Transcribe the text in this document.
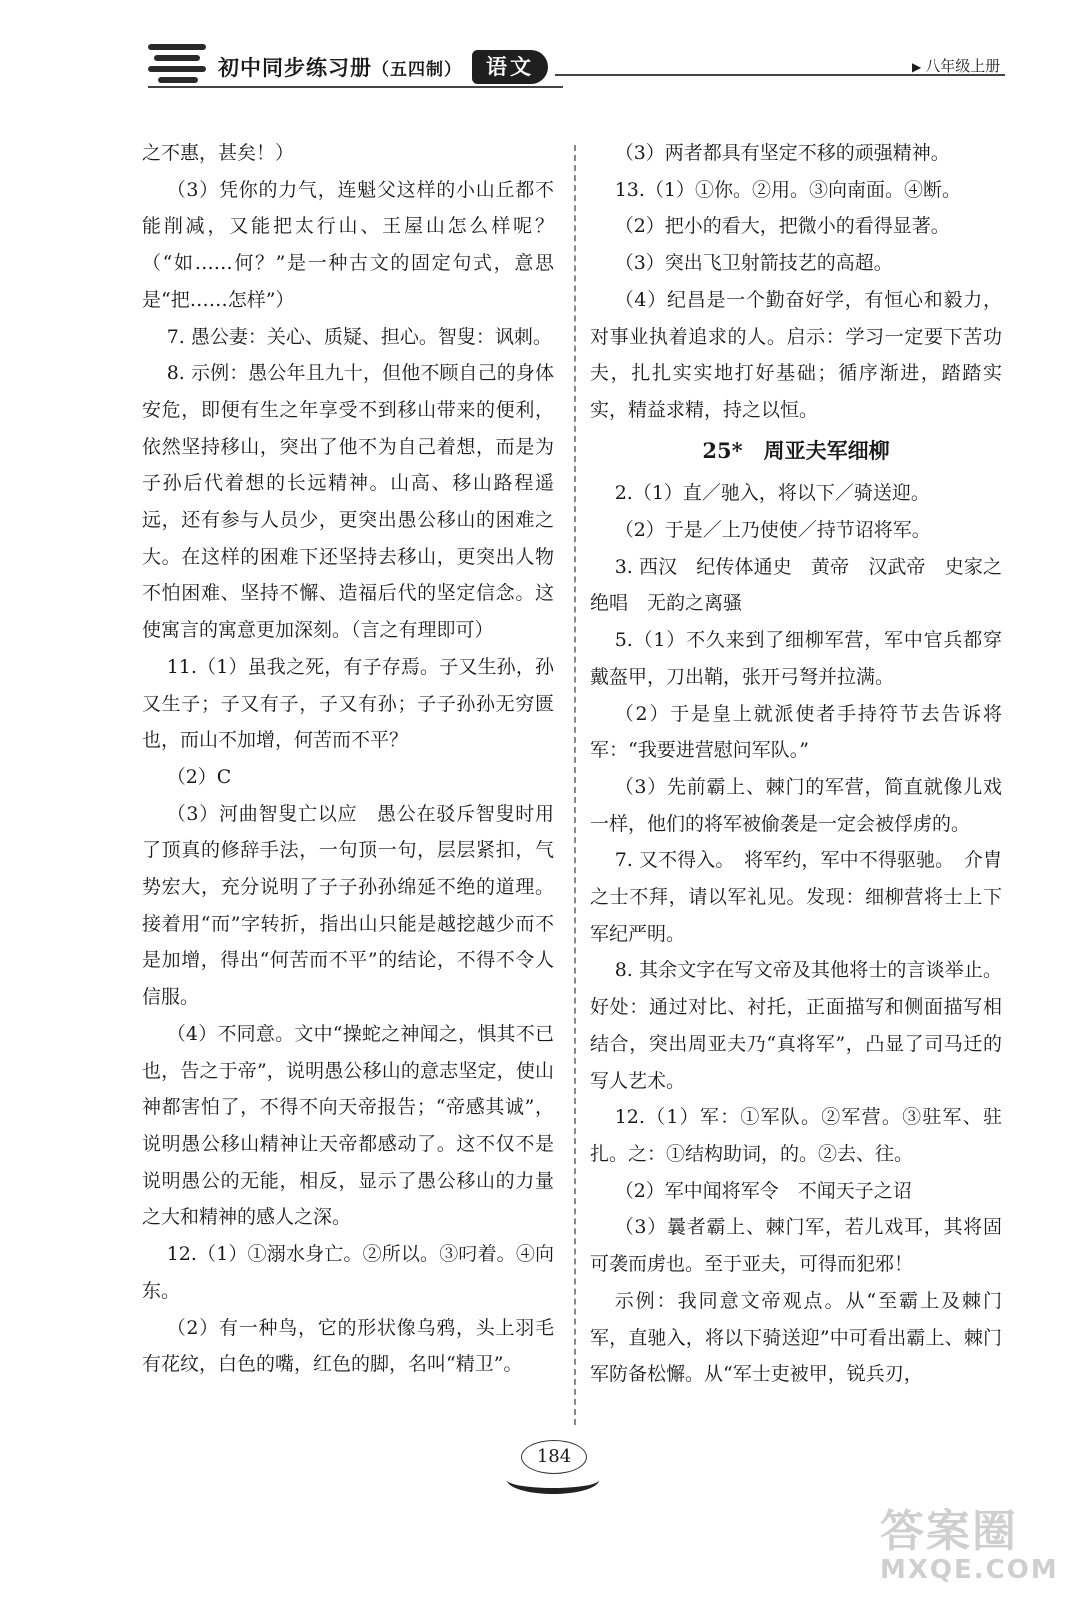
初中同步练习册（五四制）	语文	▶ 八年级上册

之不惠，甚矣！）

（3）凭你的力气，连魁父这样的小山丘都不能削减，又能把太行山、王屋山怎么样呢？（“如……何？”是一种古文的固定句式，意思是“把……怎样”）

7. 愚公妻：关心、质疑、担心。智叟：讽刺。

8. 示例：愚公年且九十，但他不顾自己的身体安危，即便有生之年享受不到移山带来的便利，依然坚持移山，突出了他不为自己着想，而是为子孙后代着想的长远精神。山高、移山路程遥远，还有参与人员少，更突出愚公移山的困难之大。在这样的困难下还坚持去移山，更突出人物不怕困难、坚持不懈、造福后代的坚定信念。这使寓言的寓意更加深刻。（言之有理即可）

11.（1）虽我之死，有子存焉。子又生孙，孙又生子；子又有子，子又有孙；子子孙孙无穷匮也，而山不加增，何苦而不平？

（2）C

（3）河曲智叟亡以应　愚公在驳斥智叟时用了顶真的修辞手法，一句顶一句，层层紧扣，气势宏大，充分说明了子子孙孙绵延不绝的道理。接着用“而”字转折，指出山只能是越挖越少而不是加增，得出“何苦而不平”的结论，不得不令人信服。

（4）不同意。文中“操蛇之神闻之，惧其不已也，告之于帝”，说明愚公移山的意志坚定，使山神都害怕了，不得不向天帝报告；“帝感其诚”，说明愚公移山精神让天帝都感动了。这不仅不是说明愚公的无能，相反，显示了愚公移山的力量之大和精神的感人之深。

12.（1）①溺水身亡。②所以。③叼着。④向东。

（2）有一种鸟，它的形状像乌鸦，头上羽毛有花纹，白色的嘴，红色的脚，名叫“精卫”。

（3）两者都具有坚定不移的顽强精神。

13.（1）①你。②用。③向南面。④断。

（2）把小的看大，把微小的看得显著。

（3）突出飞卫射箭技艺的高超。

（4）纪昌是一个勤奋好学，有恒心和毅力，对事业执着追求的人。启示：学习一定要下苦功夫，扎扎实实地打好基础；循序渐进，踏踏实实，精益求精，持之以恒。

25*　周亚夫军细柳

2.（1）直／驰入，将以下／骑送迎。

（2）于是／上乃使使／持节诏将军。

3. 西汉　纪传体通史　黄帝　汉武帝　史家之绝唱　无韵之离骚

5.（1）不久来到了细柳军营，军中官兵都穿戴盔甲，刀出鞘，张开弓弩并拉满。

（2）于是皇上就派使者手持符节去告诉将军：“我要进营慰问军队。”

（3）先前霸上、棘门的军营，简直就像儿戏一样，他们的将军被偷袭是一定会被俘虏的。

7. 又不得入。　将军约，军中不得驱驰。　介胄之士不拜，请以军礼见。发现：细柳营将士上下军纪严明。

8. 其余文字在写文帝及其他将士的言谈举止。好处：通过对比、衬托，正面描写和侧面描写相结合，突出周亚夫乃“真将军”，凸显了司马迁的写人艺术。

12.（1）军：①军队。②军营。③驻军、驻扎。之：①结构助词，的。②去、往。

（2）军中闻将军令　不闻天子之诏

（3）曩者霸上、棘门军，若儿戏耳，其将固可袭而虏也。至于亚夫，可得而犯邪！

示例：我同意文帝观点。从“至霸上及棘门军，直驰入，将以下骑送迎”中可看出霸上、棘门军防备松懈。从“军士吏被甲，锐兵刃，

184
答案圈
MXQE.COM
